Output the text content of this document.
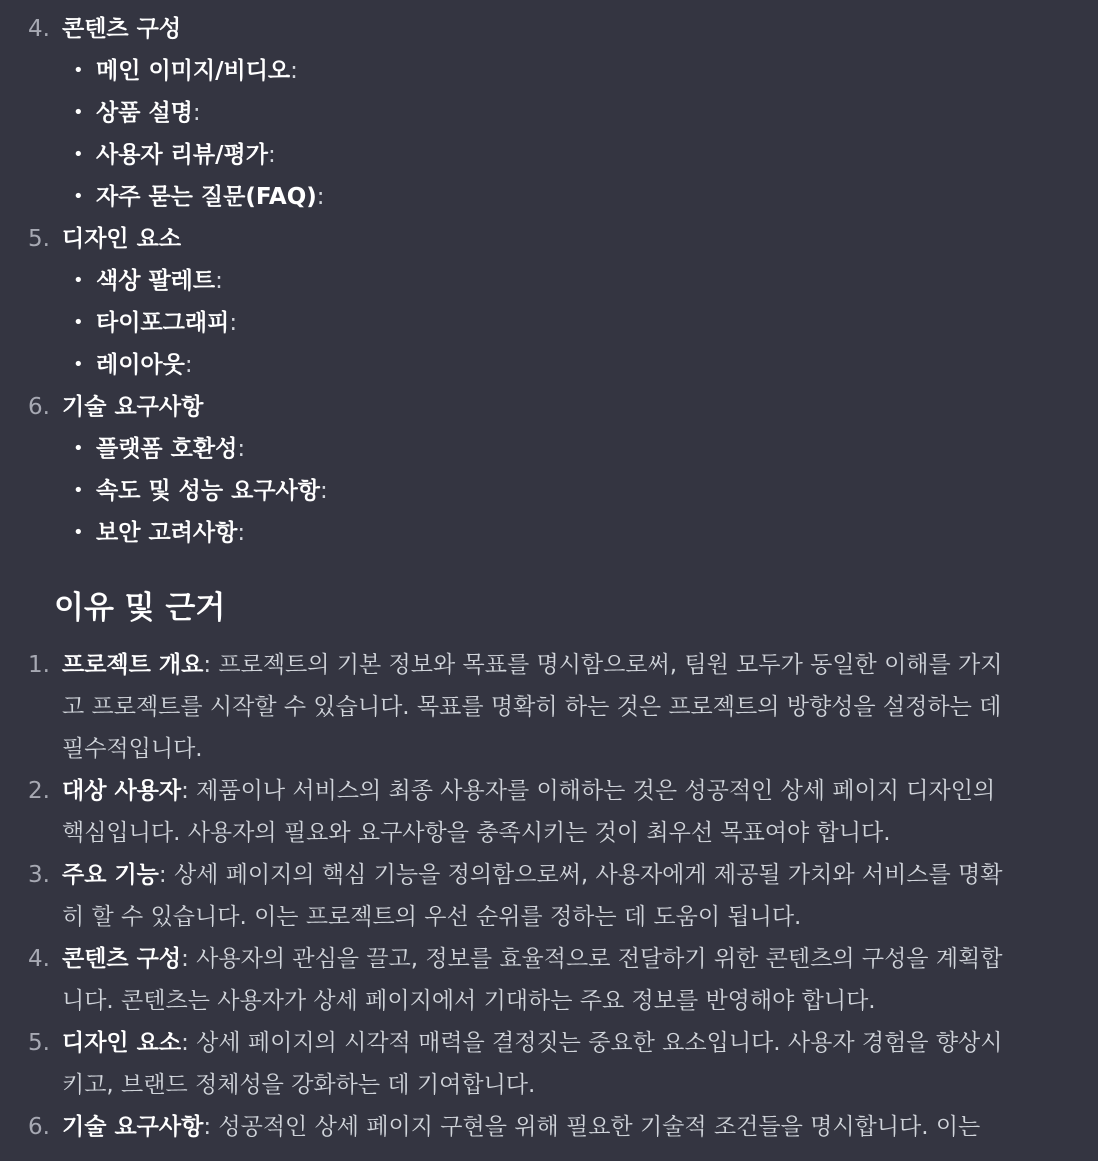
4. 콘텐츠 구성
• 메인 이미지/비디오:
• 상품 설명:
• 사용자 리뷰/평가:
• 자주 묻는 질문(FAQ):
5. 디자인 요소
• 색상 팔레트:
• 타이포그래피:
• 레이아웃:
6. 기술 요구사항
• 플랫폼 호환성:
• 속도 및 성능 요구사항:
• 보안 고려사항:
이유 및 근거
1. 프로젝트 개요: 프로젝트의 기본 정보와 목표를 명시함으로써, 팀원 모두가 동일한 이해를 가지고 프로젝트를 시작할 수 있습니다. 목표를 명확히 하는 것은 프로젝트의 방향성을 설정하는 데 필수적입니다.
2. 대상 사용자: 제품이나 서비스의 최종 사용자를 이해하는 것은 성공적인 상세 페이지 디자인의 핵심입니다. 사용자의 필요와 요구사항을 충족시키는 것이 최우선 목표여야 합니다.
3. 주요 기능: 상세 페이지의 핵심 기능을 정의함으로써, 사용자에게 제공될 가치와 서비스를 명확히 할 수 있습니다. 이는 프로젝트의 우선 순위를 정하는 데 도움이 됩니다.
4. 콘텐츠 구성: 사용자의 관심을 끌고, 정보를 효율적으로 전달하기 위한 콘텐츠의 구성을 계획합니다. 콘텐츠는 사용자가 상세 페이지에서 기대하는 주요 정보를 반영해야 합니다.
5. 디자인 요소: 상세 페이지의 시각적 매력을 결정짓는 중요한 요소입니다. 사용자 경험을 향상시키고, 브랜드 정체성을 강화하는 데 기여합니다.
6. 기술 요구사항: 성공적인 상세 페이지 구현을 위해 필요한 기술적 조건들을 명시합니다. 이는
